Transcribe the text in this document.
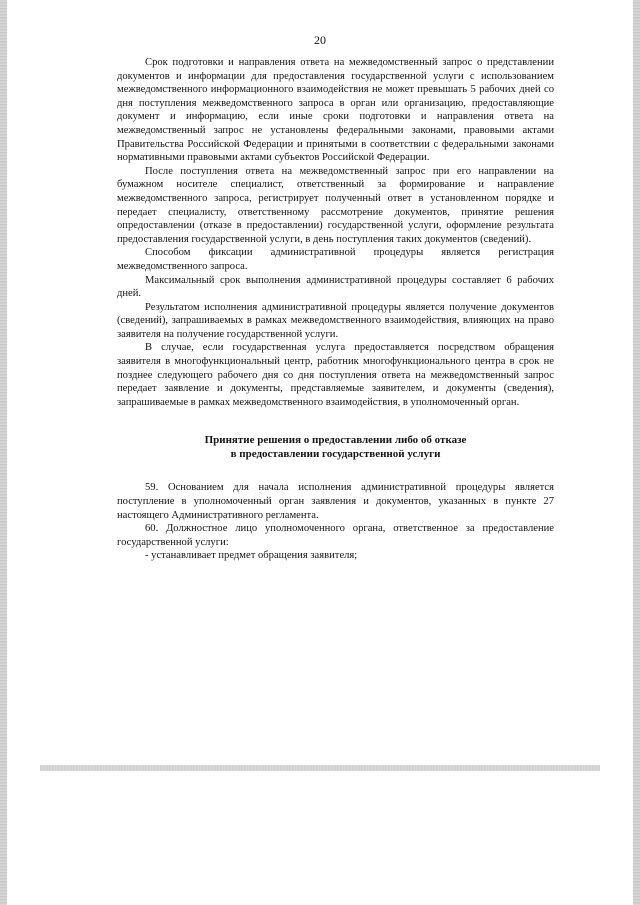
20

Срок подготовки и направления ответа на межведомственный запрос о представлении документов и информации для предоставления государственной услуги с использованием межведомственного информационного взаимодействия не может превышать 5 рабочих дней со дня поступления межведомственного запроса в орган или организацию, предоставляющие документ и информацию, если иные сроки подготовки и направления ответа на межведомственный запрос не установлены федеральными законами, правовыми актами Правительства Российской Федерации и принятыми в соответствии с федеральными законами нормативными правовыми актами субъектов Российской Федерации.

После поступления ответа на межведомственный запрос при его направлении на бумажном носителе специалист, ответственный за формирование и направление межведомственного запроса, регистрирует полученный ответ в установленном порядке и передает специалисту, ответственному рассмотрение документов, принятие решения опредоставлении (отказе в предоставлении) государственной услуги, оформление результата предоставления государственной услуги, в день поступления таких документов (сведений).

Способом фиксации административной процедуры является регистрация межведомственного запроса.

Максимальный срок выполнения административной процедуры составляет 6 рабочих дней.

Результатом исполнения административной процедуры является получение документов (сведений), запрашиваемых в рамках межведомственного взаимодействия, влияющих на право заявителя на получение государственной услуги.

В случае, если государственная услуга предоставляется посредством обращения заявителя в многофункциональный центр, работник многофункционального центра в срок не позднее следующего рабочего дня со дня поступления ответа на межведомственный запрос передает заявление и документы, представляемые заявителем, и документы (сведения), запрашиваемые в рамках межведомственного взаимодействия, в уполномоченный орган.

Принятие решения о предоставлении либо об отказе
в предоставлении государственной услуги

59. Основанием для начала исполнения административной процедуры является поступление в уполномоченный орган заявления и документов, указанных в пункте 27 настоящего Административного регламента.

60. Должностное лицо уполномоченного органа, ответственное за предоставление государственной услуги:

- устанавливает предмет обращения заявителя;
